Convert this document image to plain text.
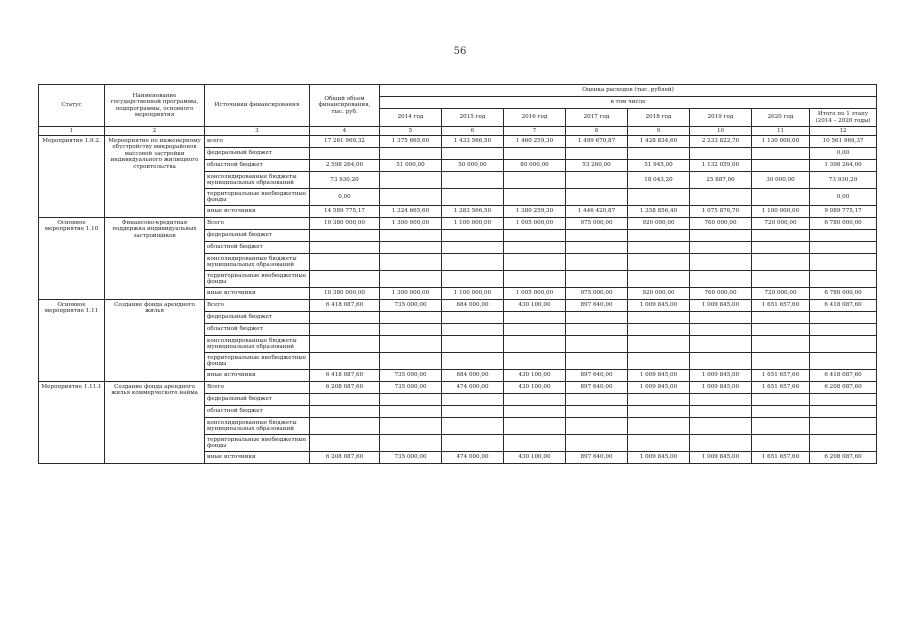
56
Статус	Наименование государственной программы, подпрограммы, основного мероприятия	Источники финансирования	Общий объем финансирования, тыс. руб.	Оценка расходов (тыс. рублей)							
				в том числе							
				2014 год	2015 год	2016 год	2017 год	2018 год	2019 год	2020 год	Итого по 1 этапу (2014 – 2020 годы)
1	2	3	4	5	6	7	8	9	10	11	12
Мероприятие 1.9.2.	Мероприятие по инженерному обустройству микрорайонов массовой застройки индивидуального жилищного строительства	всего	17 261 969,32	1 375 665,60	1 433 566,50	1 460 259,30	1 499 670,87	1 428 834,60	2 233 822,70	1 130 000,00	10 561 969,37
		федеральный бюджет									0,00
		областной бюджет	2 598 264,00	51 000,00	50 000,00	80 000,00	53 260,00	51 945,00	1 132 059,00		1 398 264,00
		консолидированные бюджеты муниципальных образований	73 930,20					18 043,20	25 887,00	30 000,00	73 930,20
		территориальные внебюджетные фонды	0,00								0,00
		иные источники	14 589 775,17	1 324 665,60	1 383 566,50	1 380 259,30	1 446 420,87	1 358 856,40	1 075 876,70	1 100 000,00	9 089 775,17
Основное мероприятие 1.10	Финансово-кредитная поддержка индивидуальных застройщиков	Всего	10 380 000,00	1 300 000,00	1 100 000,00	1 005 000,00	975 000,00	920 000,00	760 000,00	720 000,00	6 780 000,00
		федеральный бюджет									
		областной бюджет									
		консолидированные бюджеты муниципальных образований									
		территориальные внебюджетные фонды									
		иные источники	10 380 000,00	1 300 000,00	1 100 000,00	1 005 000,00	975 000,00	920 000,00	760 000,00	720 000,00	6 780 000,00
Основное мероприятие 1.11	Создание фонда арендного жилья	Всего	6 418 087,60	735 000,00	684 000,00	430 100,00	897 640,00	1 009 845,00	1 009 845,00	1 651 657,60	6 418 087,60
		федеральный бюджет									
		областной бюджет									
		консолидированные бюджеты муниципальных образований									
		территориальные внебюджетные фонды									
		иные источники	6 418 087,60	735 000,00	684 000,00	430 100,00	897 640,00	1 009 845,00	1 009 845,00	1 651 657,60	6 418 087,60
Мероприятие 1.11.1	Создание фонда арендного жилья коммерческого найма	Всего	6 208 087,60	735 000,00	474 000,00	430 100,00	897 640,00	1 009 845,00	1 009 845,00	1 651 657,60	6 208 087,60
		федеральный бюджет									
		областной бюджет									
		консолидированные бюджеты муниципальных образований									
		территориальные внебюджетные фонды									
		иные источники	6 208 087,60	735 000,00	474 000,00	430 100,00	897 640,00	1 009 845,00	1 009 845,00	1 651 657,60	6 208 087,60
